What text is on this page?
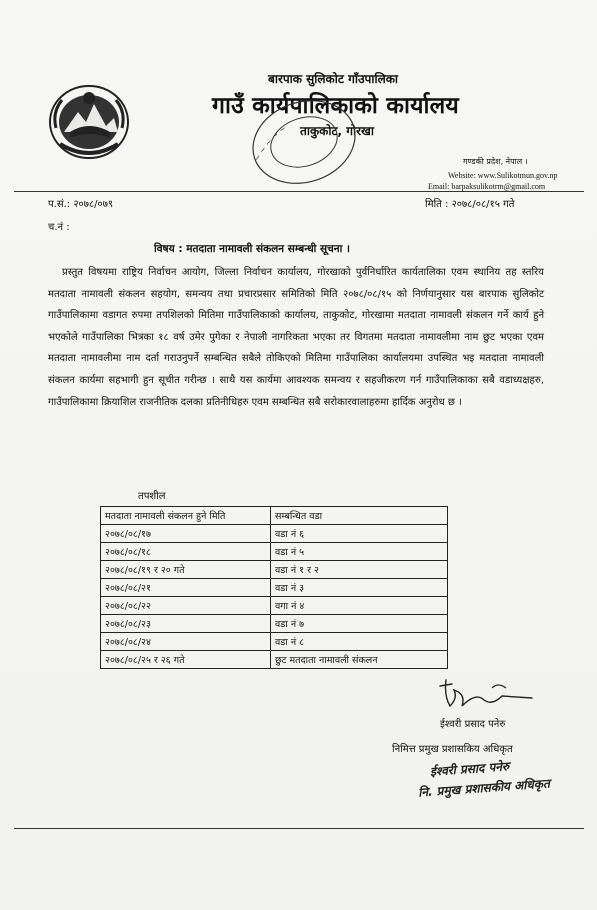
बारपाक सुलिकोट गाँउपालिका
गाउँ कार्यपालिकाको कार्यालय
ताकुकोट, गोरखा
~ ~ ~ ~ ~
गण्डकी प्रदेश, नेपाल ।
Website: www.Sulikotmun.gov.np
Email: barpaksulikotrm@gmail.com
प.सं.: २०७८/०७९	मिति : २०७८/०८/१५ गते
च.नं :
विषय : मतदाता नामावली संकलन सम्बन्धी सूचना ।
प्रस्तुत विषयमा राष्ट्रिय निर्वाचन आयोग, जिल्ला निर्वाचन कार्यालय, गोरखाको पुर्वनिर्धारित कार्यतालिका एवम स्थानिय तह स्तरिय मतदाता नामावली संकलन सहयोग, समन्वय तथा प्रचारप्रसार समितिको मिति २०७८/०८/१५ को निर्णयानुसार यस बारपाक सुलिकोट गाउँपालिकामा वडागत रुपमा तपशिलको मितिमा गाउँपालिकाको कार्यालय, ताकुकोट, गोरखामा मतदाता नामावली संकलन गर्ने कार्य हुने भएकोले गाउँपालिका भित्रका १८ वर्ष उमेर पुगेका र नेपाली नागरिकता भएका तर विगतमा मतदाता नामावलीमा नाम छुट भएका एवम मतदाता नामावलीमा नाम दर्ता गराउनुपर्ने सम्बन्धित सबैले तोकिएको मितिमा गाउँपालिका कार्यालयमा उपस्थित भइ मतदाता नामावली संकलन कार्यमा सहभागी हुन सूचीत गरीन्छ । साथै यस कार्यमा आवश्यक समन्वय र सहजीकरण गर्न गाउँपालिकाका सबै वडाध्यक्षहरु, गाउँपालिकामा क्रियाशिल राजनीतिक दलका प्रतिनीधिहरु एवम सम्बन्धित सबै सरोकारवालाहरुमा हार्दिक अनुरोध छ ।
तपशील
मतदाता नामावली संकलन हुने मिति	सम्बन्धित वडा
२०७८/०८/१७	वडा नं ६
२०७८/०८/१८	वडा नं ५
२०७८/०८/१९ र २० गते	वडा नं १ र २
२०७८/०८/२१	वडा नं ३
२०७८/०८/२२	वगा नं ४
२०७८/०८/२३	वडा नं ७
२०७८/०८/२४	वडा नं ८
२०७८/०८/२५ र २६ गते	छुट मतदाता नामावली संकलन
ईश्वरी प्रसाद पनेरु
निमित्त प्रमुख प्रशासकिय अधिकृत
ईश्वरी प्रसाद पनेरु
नि. प्रमुख प्रशासकीय अधिकृत
